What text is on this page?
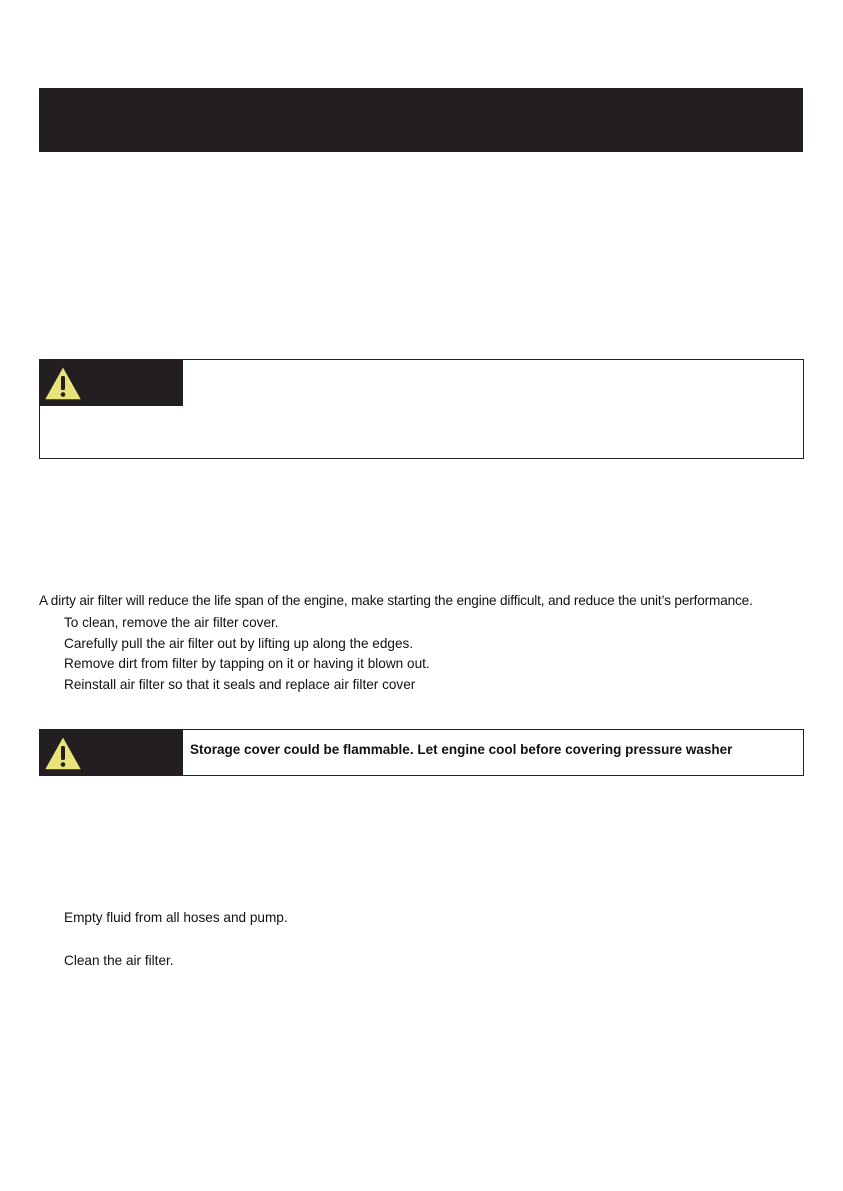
A dirty air filter will reduce the life span of the engine, make starting the engine difficult, and reduce the unit’s performance.
To clean, remove the air filter cover.
Carefully pull the air filter out by lifting up along the edges.
Remove dirt from filter by tapping on it or having it blown out.
Reinstall air filter so that it seals and replace air filter cover
Storage cover could be flammable. Let engine cool before covering pressure washer
Empty fluid from all hoses and pump.
Clean the air filter.
